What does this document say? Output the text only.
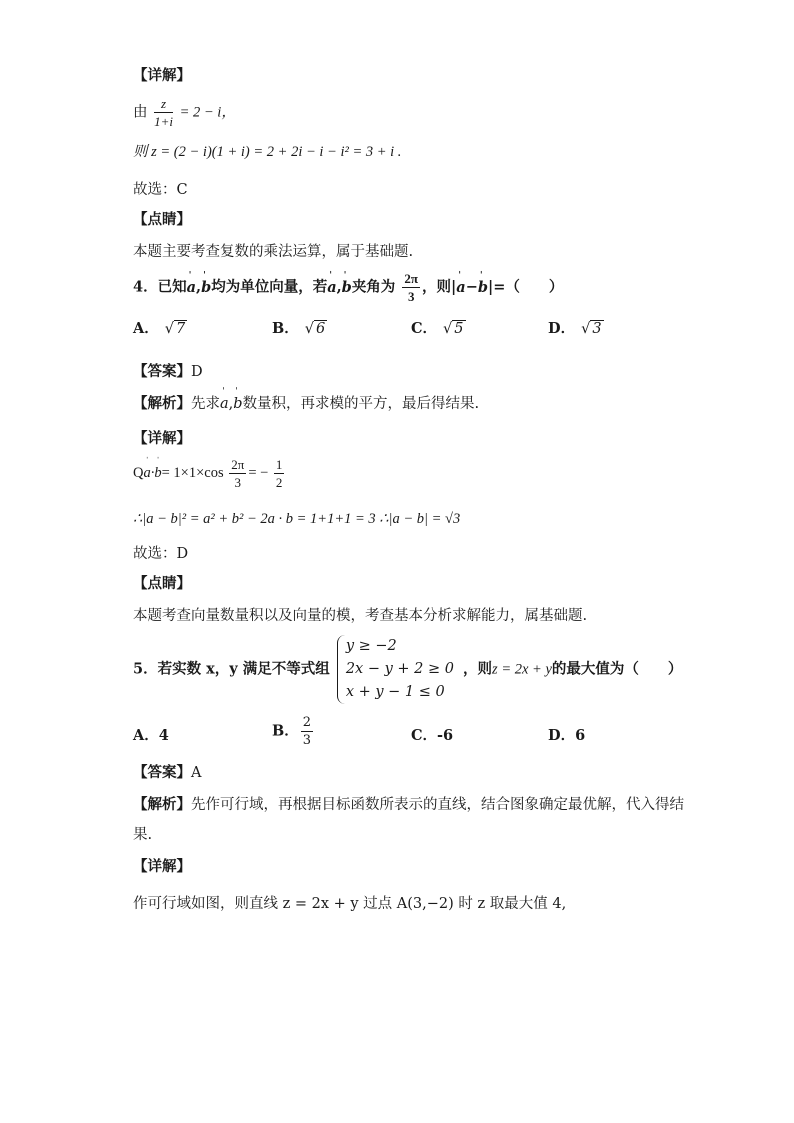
【详解】
由 $\frac{z}{1+i} = 2 - i$，
则 z = (2 − i)(1 + i) = 2 + 2i − i − i² = 3 + i .
故选：C
【点睛】
本题主要考查复数的乘法运算，属于基础题.
4．已知ˈ a,ˈ b均为单位向量，若ˈ a,ˈ b夹角为 $\frac{2\pi}{3}$ ，则|ˈ a−ˈ b|=（　　）
A． √ 7	B． √ 6	C． √ 5	D． √ 3
【答案】D
【解析】先求ˈ a,ˈ b数量积，再求模的平方，最后得结果.
【详解】
Qˈ a·ˈ $b= 1\times 1\times\cos \frac{2\pi}{3}$ = − $\frac{1}{2}$
∴|a − b|² = a² + b² − 2a · b = 1+1+1 = 3 ∴|a − b| = √3
故选：D
【点睛】
本题考查向量数量积以及向量的模，考查基本分析求解能力，属基础题.
5．若实数 x，y 满足不等式组
y ≥ −2
2x − y + 2 ≥ 0
x + y − 1 ≤ 0
，则z = 2x + y的最大值为（　　）
A．4	B． $\frac{2}{3}$	C．-6	D．6
【答案】A
【解析】先作可行域，再根据目标函数所表示的直线，结合图象确定最优解，代入得结
果.
【详解】
作可行域如图，则直线 z = 2x + y 过点 A(3,−2) 时 z 取最大值 4,
